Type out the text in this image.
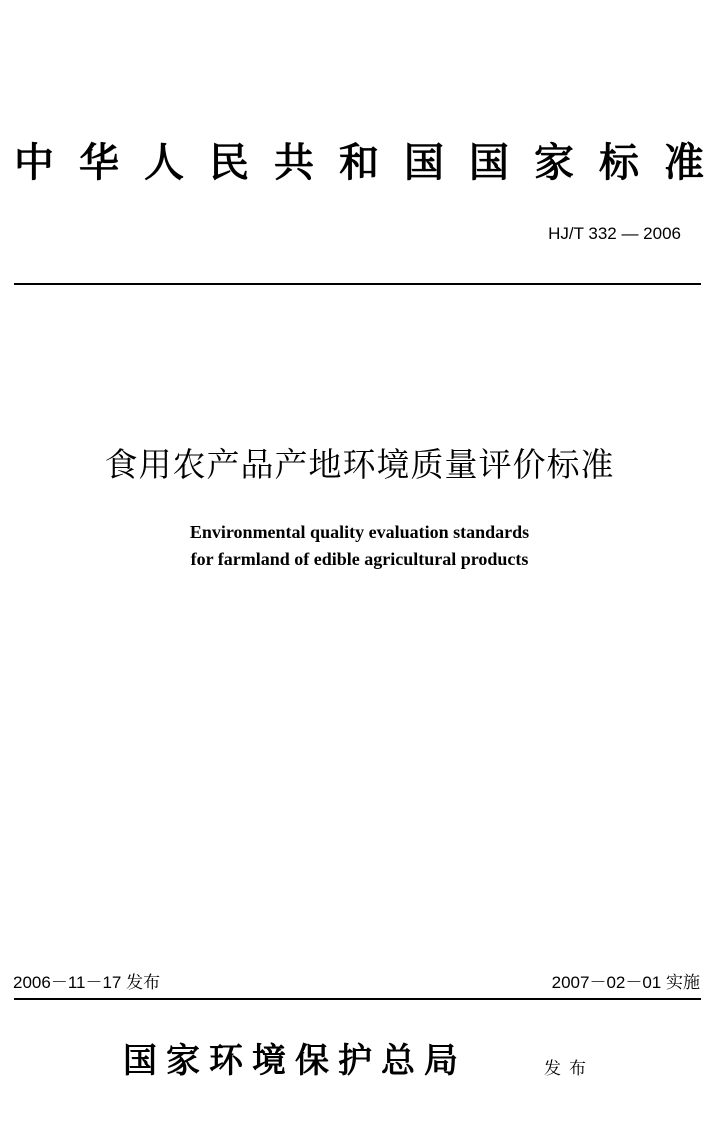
中 华 人 民 共 和 国 国 家 标 准
HJ/T 332 — 2006
食用农产品产地环境质量评价标准
Environmental quality evaluation standards
for farmland of edible agricultural products
2006－11－17 发布	2007－02－01 实施
国家环境保护总局	发布
